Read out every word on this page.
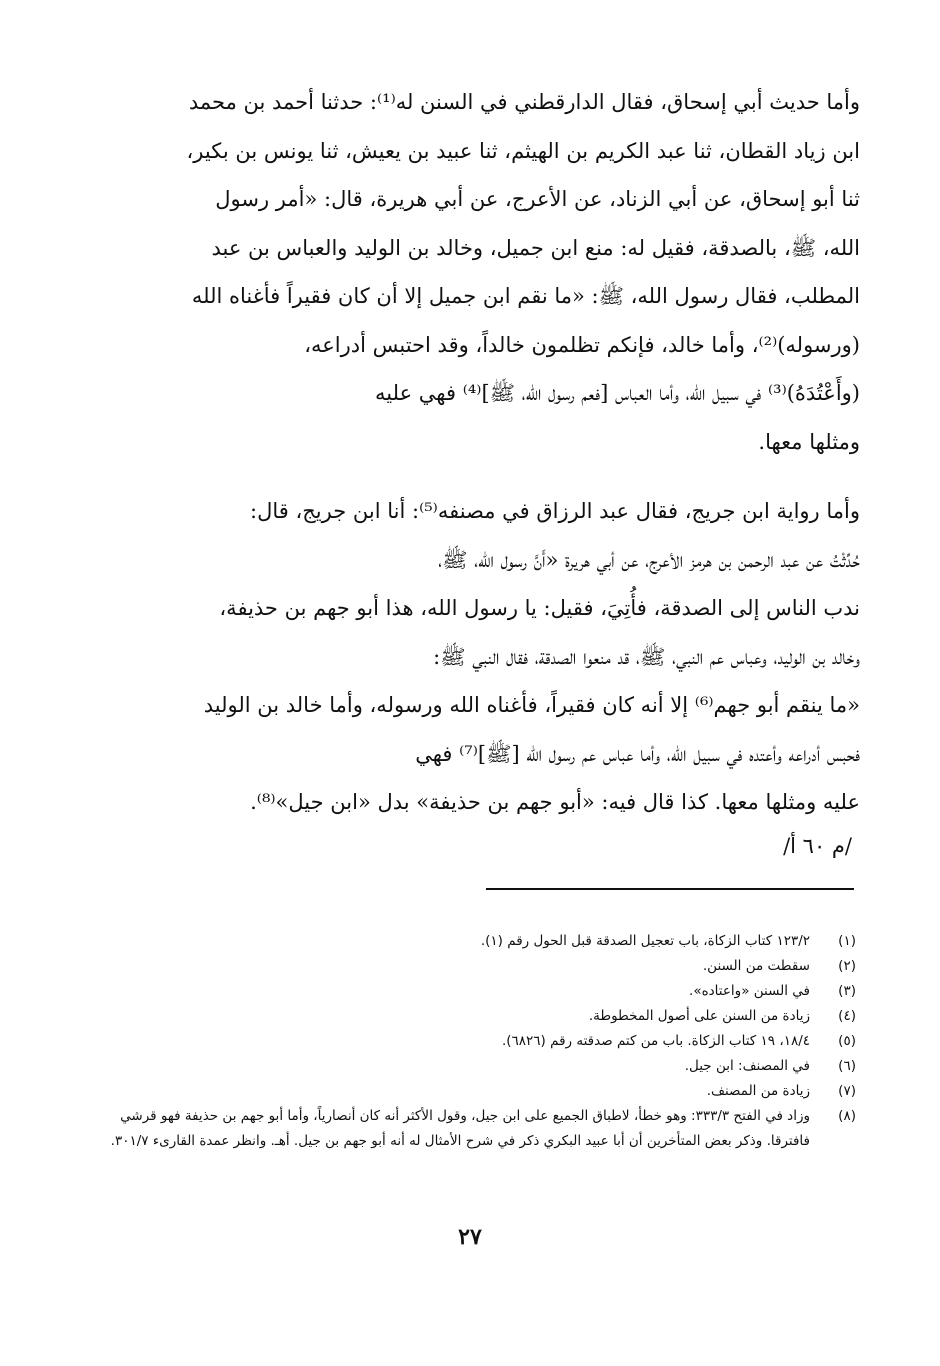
وأما حديث أبي إسحاق، فقال الدارقطني في السنن له⁽¹⁾: حدثنا أحمد بن محمد
ابن زياد القطان، ثنا عبد الكريم بن الهيثم، ثنا عبيد بن يعيش، ثنا يونس بن بكير،
ثنا أبو إسحاق، عن أبي الزناد، عن الأعرج، عن أبي هريرة، قال: «أمر رسول
الله، ﷺ، بالصدقة، فقيل له: منع ابن جميل، وخالد بن الوليد والعباس بن عبد
المطلب، فقال رسول الله، ﷺ: «ما نقم ابن جميل إلا أن كان فقيراً فأغناه الله
(ورسوله)⁽²⁾، وأما خالد، فإنكم تظلمون خالداً، وقد احتبس أدراعه،
(وأَعْتُدَهُ)⁽³⁾ في سبيل الله، وأما العباس [فعم رسول الله، ﷺ]⁽⁴⁾ فهي عليه
ومثلها معها.
وأما رواية ابن جريج، فقال عبد الرزاق في مصنفه⁽⁵⁾: أنا ابن جريج، قال:
حُدِّثْتُ عن عبد الرحمن بن هرمز الأعرج، عن أبي هريرة «أَنَّ رسول الله، ﷺ،
ندب الناس إلى الصدقة، فأُتِيَ، فقيل: يا رسول الله، هذا أبو جهم بن حذيفة،
وخالد بن الوليد، وعباس عم النبي، ﷺ، قد منعوا الصدقة، فقال النبي ﷺ:
«ما ينقم أبو جهم⁽⁶⁾ إلا أنه كان فقيراً، فأغناه الله ورسوله، وأما خالد بن الوليد
فحبس أدراعه وأعتده في سبيل الله، وأما عباس عم رسول الله [ﷺ]⁽⁷⁾ فهي
عليه ومثلها معها. كذا قال فيه: «أبو جهم بن حذيفة» بدل «ابن جيل»⁽⁸⁾.
/م ٦٠ أ/
(١)
١٢٣/٢ كتاب الزكاة، باب تعجيل الصدقة قبل الحول رقم (١).
(٢)
سقطت من السنن.
(٣)
في السنن «واعتاده».
(٤)
زيادة من السنن على أصول المخطوطة.
(٥)
١٨/٤، ١٩ كتاب الزكاة. باب من كتم صدقته رقم (٦٨٢٦).
(٦)
في المصنف: ابن جيل.
(٧)
زيادة من المصنف.
(٨)
وزاد في الفتح ٣٣٣/٣: وهو خطأ، لاطباق الجميع على ابن جيل، وقول الأكثر أنه كان أنصارياً، وأما أبو جهم بن حذيفة فهو قرشي فافترقا. وذكر بعض المتأخرين أن أبا عبيد البكري ذكر في شرح الأمثال له أنه أبو جهم بن جيل. أهـ. وانظر عمدة القارىء ٣٠١/٧.
٢٧
